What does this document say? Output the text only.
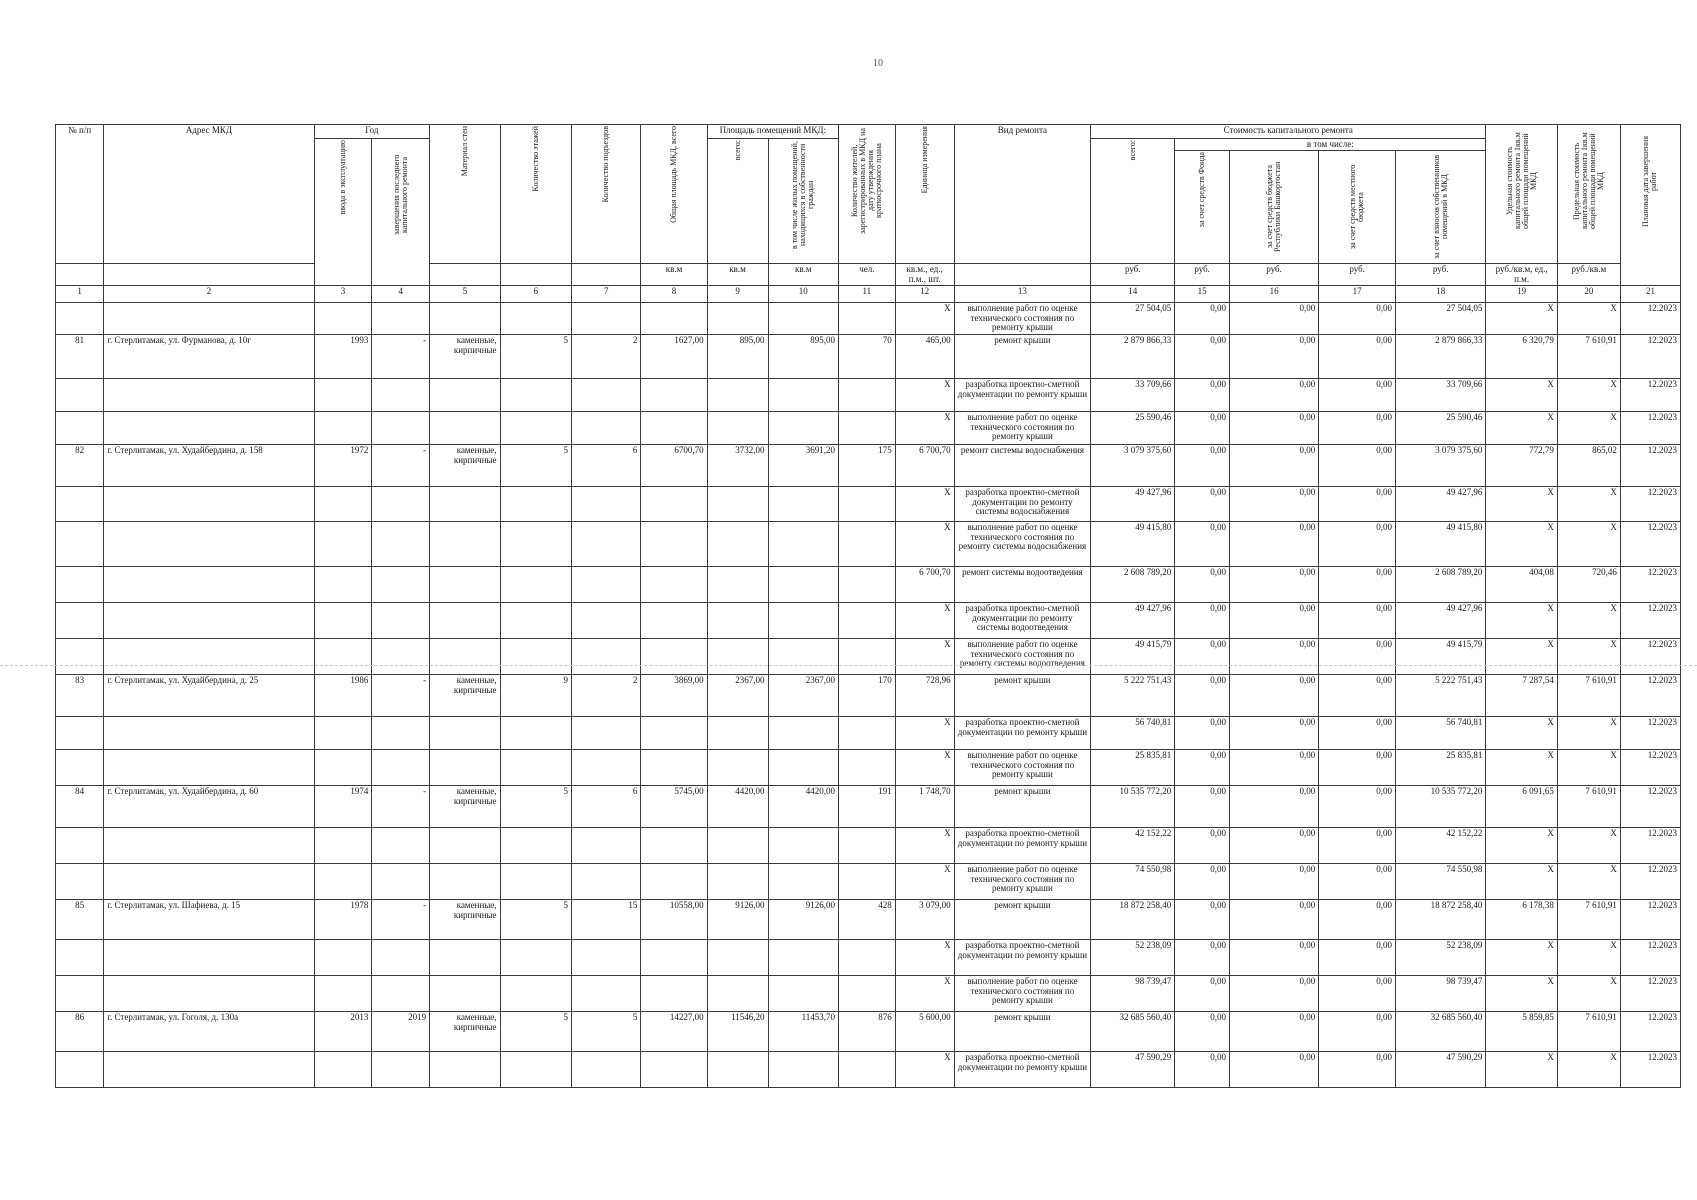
10
№ п/п	Адрес МКД	Год		Материал стен	Количество этажей	Количество подъездов	Общая площадь МКД, всего	Площадь помещений МКД:		Количество жителей, зарегистрированных в МКД на дату утверждения краткосрочного плана	Единица измерения	Вид ремонта	Стоимость капитального ремонта					Удельная стоимость капитального ремонта 1кв.м общей площади помещений МКД	Предельная стоимость капитального ремонта 1кв.м общей площади помещений МКД	Плановая дата завершения работ

		ввода в эксплуатацию	завершения последнего капитального ремонта					всего:	в том числе жилых помещений, находящихся в собственности граждан				всего:	в том числе:						

														за счет средств Фонда	за счет средств бюджета Республики Башкортостан	за счет средств местного бюджета	за счет взносов собственников помещений в МКД			

							кв.м	кв.м	кв.м	чел.	кв.м., ед., п.м., шт.		руб.	руб.	руб.	руб.	руб.	руб./кв.м, ед., п.м.	руб./кв.м	
1	2	3	4	5	6	7	8	9	10	11	12	13	14	15	16	17	18	19	20	21
											X	выполнение работ по оценке технического состояния по ремонту крыши	27 504,05	0,00	0,00	0,00	27 504,05	X	X	12.2023
81	г. Стерлитамак, ул. Фурманова, д. 10г	1993	-	каменные, кирпичные	5	2	1627,00	895,00	895,00	70	465,00	ремонт крыши	2 879 866,33	0,00	0,00	0,00	2 879 866,33	6 320,79	7 610,91	12.2023
											X	разработка проектно-сметной документации по ремонту крыши	33 709,66	0,00	0,00	0,00	33 709,66	X	X	12.2023
											X	выполнение работ по оценке технического состояния по ремонту крыши	25 590,46	0,00	0,00	0,00	25 590,46	X	X	12.2023
82	г. Стерлитамак, ул. Худайбердина, д. 158	1972	-	каменные, кирпичные	5	6	6700,70	3732,00	3691,20	175	6 700,70	ремонт системы водоснабжения	3 079 375,60	0,00	0,00	0,00	3 079 375,60	772,79	865,02	12.2023
											X	разработка проектно-сметной документации по ремонту системы водоснабжения	49 427,96	0,00	0,00	0,00	49 427,96	X	X	12.2023
											X	выполнение работ по оценке технического состояния по ремонту системы водоснабжения	49 415,80	0,00	0,00	0,00	49 415,80	X	X	12.2023
											6 700,70	ремонт системы водоотведения	2 608 789,20	0,00	0,00	0,00	2 608 789,20	404,08	720,46	12.2023
											X	разработка проектно-сметной документации по ремонту системы водоотведения	49 427,96	0,00	0,00	0,00	49 427,96	X	X	12.2023
											X	выполнение работ по оценке технического состояния по ремонту системы водоотведения	49 415,79	0,00	0,00	0,00	49 415,79	X	X	12.2023
83	г. Стерлитамак, ул. Худайбердина, д. 25	1986	-	каменные, кирпичные	9	2	3869,00	2367,00	2367,00	170	728,96	ремонт крыши	5 222 751,43	0,00	0,00	0,00	5 222 751,43	7 287,54	7 610,91	12.2023
											X	разработка проектно-сметной документации по ремонту крыши	56 740,81	0,00	0,00	0,00	56 740,81	X	X	12.2023
											X	выполнение работ по оценке технического состояния по ремонту крыши	25 835,81	0,00	0,00	0,00	25 835,81	X	X	12.2023
84	г. Стерлитамак, ул. Худайбердина, д. 60	1974	-	каменные, кирпичные	5	6	5745,00	4420,00	4420,00	191	1 748,70	ремонт крыши	10 535 772,20	0,00	0,00	0,00	10 535 772,20	6 091,65	7 610,91	12.2023
											X	разработка проектно-сметной документации по ремонту крыши	42 152,22	0,00	0,00	0,00	42 152,22	X	X	12.2023
											X	выполнение работ по оценке технического состояния по ремонту крыши	74 550,98	0,00	0,00	0,00	74 550,98	X	X	12.2023
85	г. Стерлитамак, ул. Шафиева, д. 15	1978	-	каменные, кирпичные	5	15	10558,00	9126,00	9126,00	428	3 079,00	ремонт крыши	18 872 258,40	0,00	0,00	0,00	18 872 258,40	6 178,38	7 610,91	12.2023
											X	разработка проектно-сметной документации по ремонту крыши	52 238,09	0,00	0,00	0,00	52 238,09	X	X	12.2023
											X	выполнение работ по оценке технического состояния по ремонту крыши	98 739,47	0,00	0,00	0,00	98 739,47	X	X	12.2023
86	г. Стерлитамак, ул. Гоголя, д. 130а	2013	2019	каменные, кирпичные	5	5	14227,00	11546,20	11453,70	876	5 600,00	ремонт крыши	32 685 560,40	0,00	0,00	0,00	32 685 560,40	5 859,85	7 610,91	12.2023
											X	разработка проектно-сметной документации по ремонту крыши	47 590,29	0,00	0,00	0,00	47 590,29	X	X	12.2023
